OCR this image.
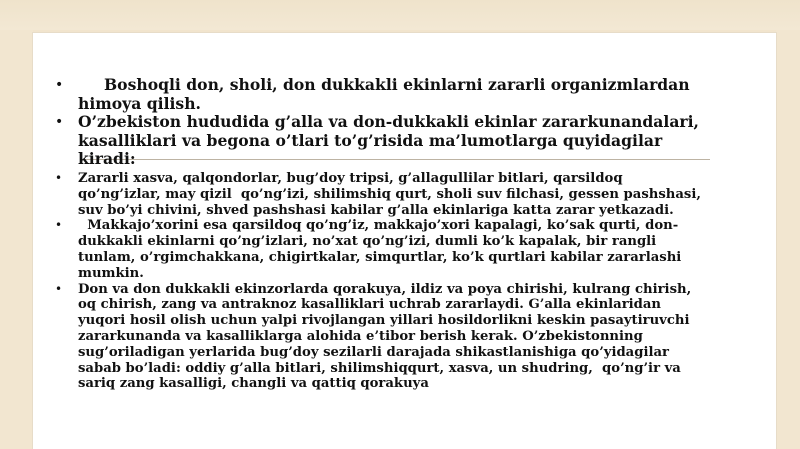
•	Boshoqli don, sholi, don dukkakli ekinlarni zararli organizmlardan himoya qilish.
• O’zbekiston hududida g’alla va don-dukkakli ekinlar zararkunandalari, kasalliklari va begona o’tlari to’g’risida ma’lumotlarga quyidagilar kiradi:
• Zararli xasva, qalqondorlar, bug’doy tripsi, g’allagullilar bitlari, qarsildoq qo’ng’izlar, may qizil  qo’ng’izi, shilimshiq qurt, sholi suv filchasi, gessen pashshasi, suv bo’yi chivini, shved pashshasi kabilar g’alla ekinlariga katta zarar yetkazadi.
• Makkajo’xorini esa qarsildoq qo’ng’iz, makkajo’xori kapalagi, ko’sak qurti, don-dukkakli ekinlarni qo’ng’izlari, no’xat qo’ng’izi, dumli ko’k kapalak, bir rangli tunlam, o’rgimchakkana, chigirtkalar, simqurtlar, ko’k qurtlari kabilar zararlashi mumkin.
• Don va don dukkakli ekinzorlarda qorakuya, ildiz va poya chirishi, kulrang chirish, oq chirish, zang va antraknoz kasalliklari uchrab zararlaydi. G’alla ekinlaridan yuqori hosil olish uchun yalpi rivojlangan yillari hosildorlikni keskin pasaytiruvchi zararkunanda va kasalliklarga alohida e’tibor berish kerak. O’zbekistonning sug’oriladigan yerlarida bug’doy sezilarli darajada shikastlanishiga qo’yidagilar sabab bo’ladi: oddiy g’alla bitlari, shilimshiqqurt, xasva, un shudring,  qo’ng’ir va sariq zang kasalligi, changli va qattiq qorakuya
